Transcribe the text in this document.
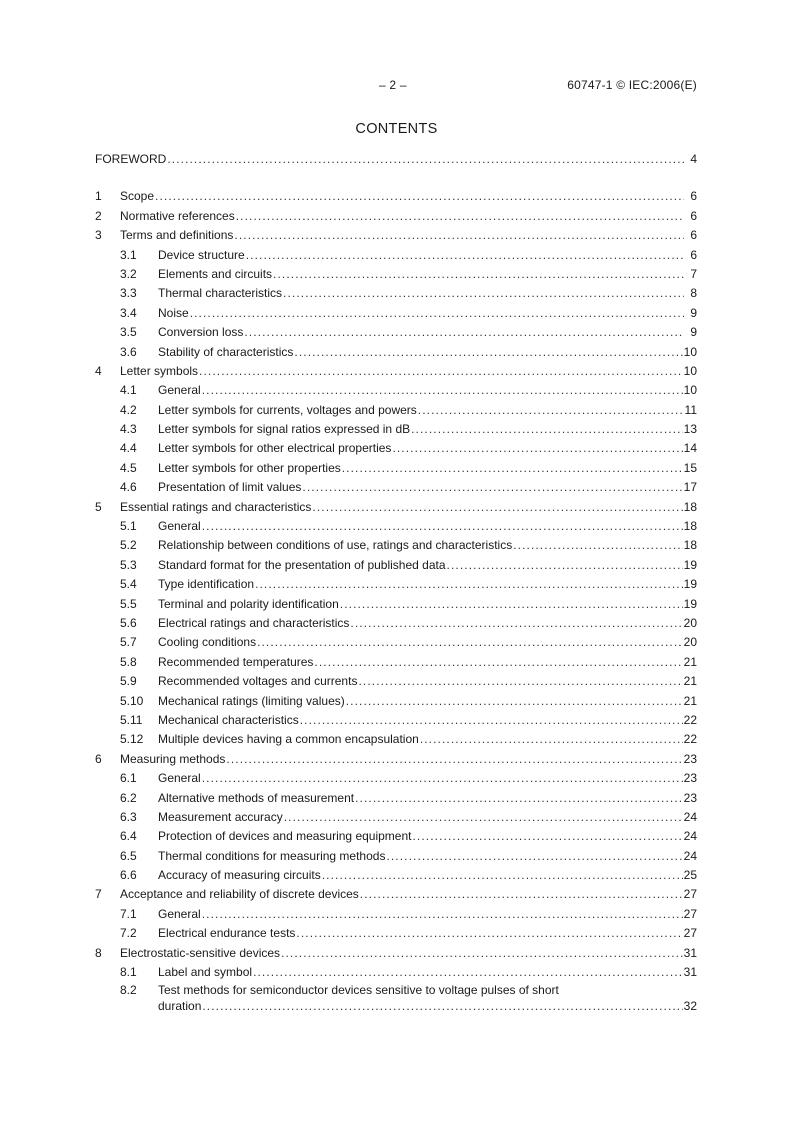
– 2 –	60747-1 © IEC:2006(E)
CONTENTS
FOREWORD .....	4
1	Scope .....	6
2	Normative references .....	6
3	Terms and definitions .....	6
3.1	Device structure .....	6
3.2	Elements and circuits .....	7
3.3	Thermal characteristics .....	8
3.4	Noise .....	9
3.5	Conversion loss .....	9
3.6	Stability of characteristics .....	10
4	Letter symbols .....	10
4.1	General .....	10
4.2	Letter symbols for currents, voltages and powers .....	11
4.3	Letter symbols for signal ratios expressed in dB .....	13
4.4	Letter symbols for other electrical properties .....	14
4.5	Letter symbols for other properties .....	15
4.6	Presentation of limit values .....	17
5	Essential ratings and characteristics .....	18
5.1	General .....	18
5.2	Relationship between conditions of use, ratings and characteristics .....	18
5.3	Standard format for the presentation of published data .....	19
5.4	Type identification .....	19
5.5	Terminal and polarity identification .....	19
5.6	Electrical ratings and characteristics .....	20
5.7	Cooling conditions .....	20
5.8	Recommended temperatures .....	21
5.9	Recommended voltages and currents .....	21
5.10	Mechanical ratings (limiting values) .....	21
5.11	Mechanical characteristics .....	22
5.12	Multiple devices having a common encapsulation .....	22
6	Measuring methods .....	23
6.1	General .....	23
6.2	Alternative methods of measurement .....	23
6.3	Measurement accuracy .....	24
6.4	Protection of devices and measuring equipment .....	24
6.5	Thermal conditions for measuring methods .....	24
6.6	Accuracy of measuring circuits .....	25
7	Acceptance and reliability of discrete devices .....	27
7.1	General .....	27
7.2	Electrical endurance tests .....	27
8	Electrostatic-sensitive devices .....	31
8.1	Label and symbol .....	31
8.2	Test methods for semiconductor devices sensitive to voltage pulses of short
duration .....	32
